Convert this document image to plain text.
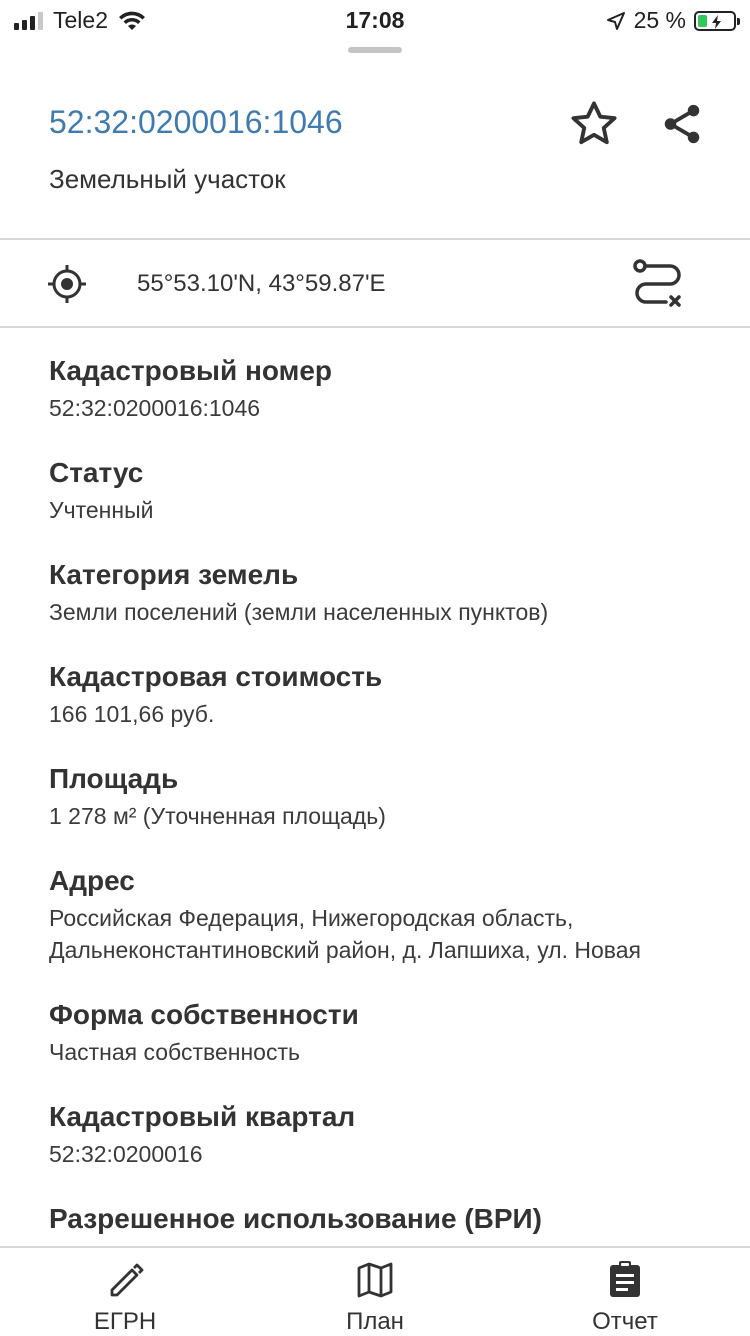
Tele2	17:08	25 %
52:32:0200016:1046
Земельный участок
55°53.10'N, 43°59.87'E
Кадастровый номер
52:32:0200016:1046
Статус
Учтенный
Категория земель
Земли поселений (земли населенных пунктов)
Кадастровая стоимость
166 101,66 руб.
Площадь
1 278 м² (Уточненная площадь)
Адрес
Российская Федерация, Нижегородская область, Дальнеконстантиновский район, д. Лапшиха, ул. Новая
Форма собственности
Частная собственность
Кадастровый квартал
52:32:0200016
Разрешенное использование (ВРИ)
ЕГРН	План	Отчет
